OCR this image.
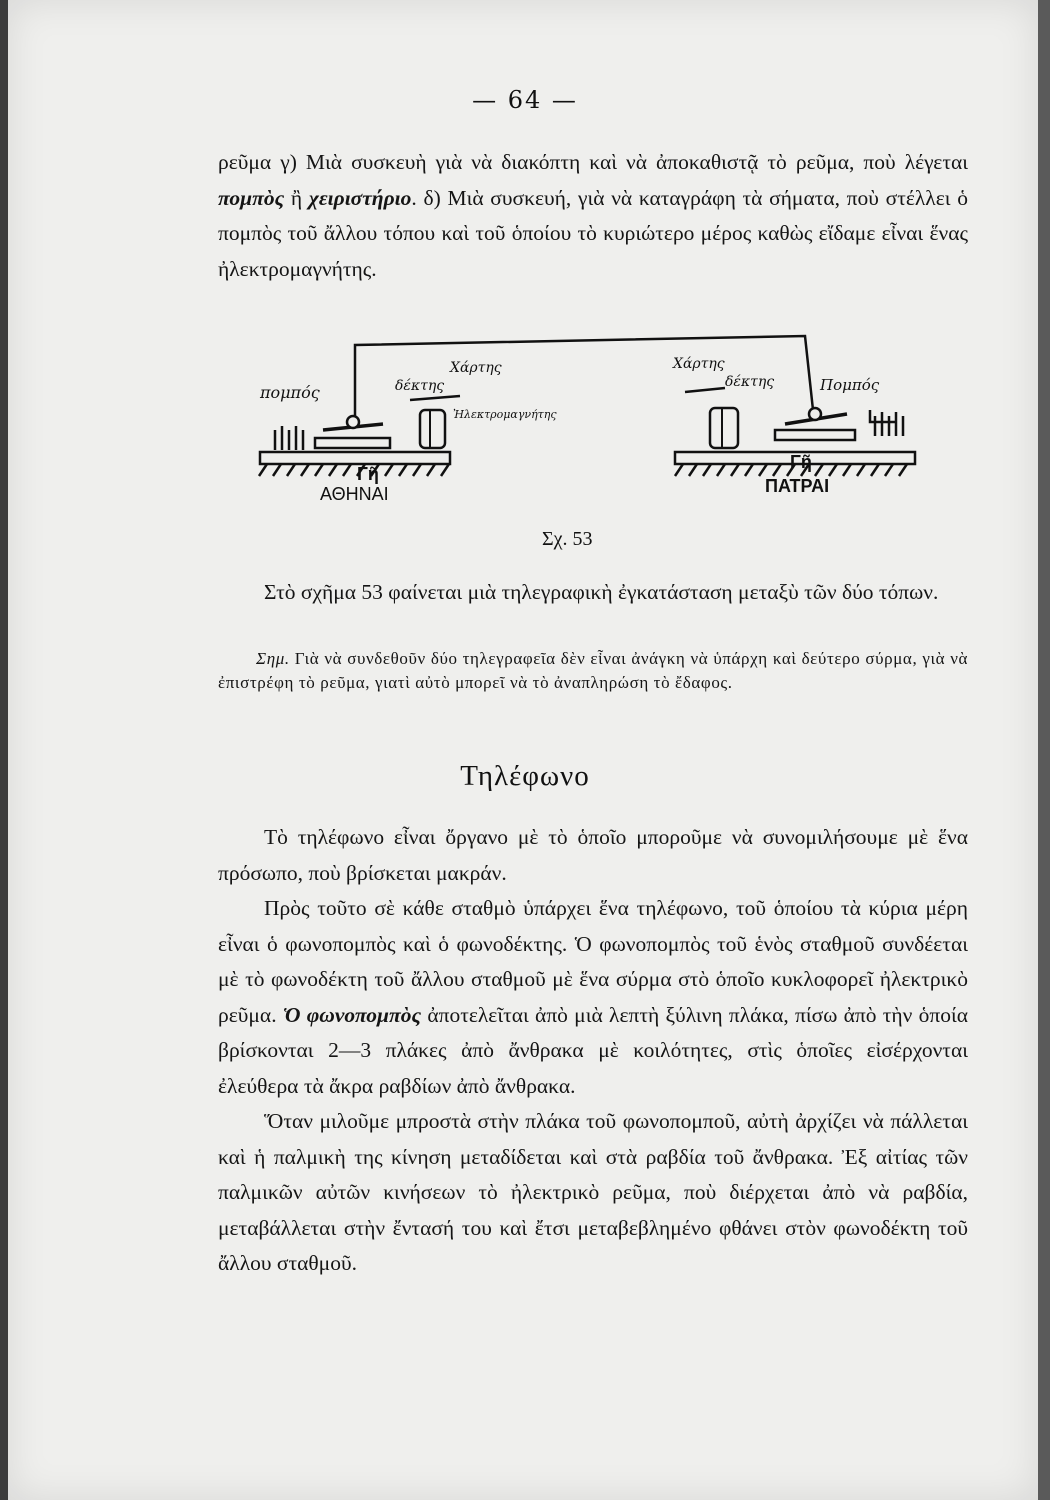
— 64 —

ρεῦμα γ) Μιὰ συσκευὴ γιὰ νὰ διακόπτη καὶ νὰ ἀποκαθιστᾷ τὸ ρεῦμα, ποὺ λέγεται πομπὸς ἢ χειριστήριο. δ) Μιὰ συσκευή, γιὰ νὰ καταγράφη τὰ σήματα, ποὺ στέλλει ὁ πομπὸς τοῦ ἄλλου τόπου καὶ τοῦ ὁποίου τὸ κυριώτερο μέρος καθὼς εἴδαμε εἶναι ἕνας ἠλεκτρομαγνήτης.

πομπός
Χάρτης
δέκτης
Ἠλεκτρομαγνήτης
Χάρτης
δέκτης	Πομπός
Γῆ
Γῆ
ΑΘΗΝΑΙ	ΠΑΤΡΑΙ
Σχ. 53

Στὸ σχῆμα 53 φαίνεται μιὰ τηλεγραφικὴ ἐγκατάσταση μεταξὺ τῶν δύο τόπων.

Σημ. Γιὰ νὰ συνδεθοῦν δύο τηλεγραφεῖα δὲν εἶναι ἀνάγκη νὰ ὑπάρχη καὶ δεύτερο σύρμα, γιὰ νὰ ἐπιστρέφη τὸ ρεῦμα, γιατὶ αὐτὸ μπορεῖ νὰ τὸ ἀναπληρώση τὸ ἔδαφος.

Τηλέφωνο

Τὸ τηλέφωνο εἶναι ὄργανο μὲ τὸ ὁποῖο μποροῦμε νὰ συνομιλήσουμε μὲ ἕνα πρόσωπο, ποὺ βρίσκεται μακράν.

Πρὸς τοῦτο σὲ κάθε σταθμὸ ὑπάρχει ἕνα τηλέφωνο, τοῦ ὁποίου τὰ κύρια μέρη εἶναι ὁ φωνοπομπὸς καὶ ὁ φωνοδέκτης. Ὁ φωνοπομπὸς τοῦ ἑνὸς σταθμοῦ συνδέεται μὲ τὸ φωνοδέκτη τοῦ ἄλλου σταθμοῦ μὲ ἕνα σύρμα στὸ ὁποῖο κυκλοφορεῖ ἠλεκτρικὸ ρεῦμα. Ὁ φωνοπομπὸς ἀποτελεῖται ἀπὸ μιὰ λεπτὴ ξύλινη πλάκα, πίσω ἀπὸ τὴν ὁποία βρίσκονται 2—3 πλάκες ἀπὸ ἄνθρακα μὲ κοιλότητες, στὶς ὁποῖες εἰσέρχονται ἐλεύθερα τὰ ἄκρα ραβδίων ἀπὸ ἄνθρακα.

Ὅταν μιλοῦμε μπροστὰ στὴν πλάκα τοῦ φωνοπομποῦ, αὐτὴ ἀρχίζει νὰ πάλλεται καὶ ἡ παλμικὴ της κίνηση μεταδίδεται καὶ στὰ ραβδία τοῦ ἄνθρακα. Ἐξ αἰτίας τῶν παλμικῶν αὐτῶν κινήσεων τὸ ἠλεκτρικὸ ρεῦμα, ποὺ διέρχεται ἀπὸ νὰ ραβδία, μεταβάλλεται στὴν ἔντασή του καὶ ἔτσι μεταβεβλημένο φθάνει στὸν φωνοδέκτη τοῦ ἄλλου σταθμοῦ.
